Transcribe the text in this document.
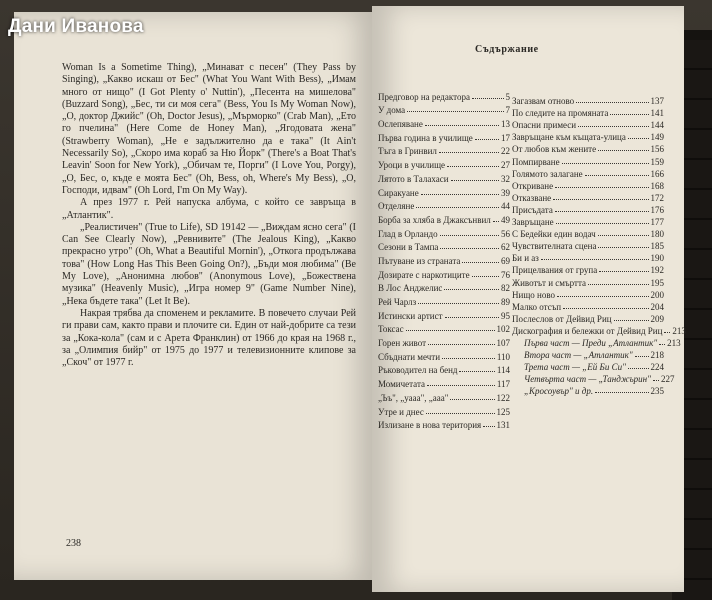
Woman Is a Sometime Thing), „Минават с песен" (They Pass by Singing), „Какво искаш от Бес" (What You Want With Bess), „Имам много от нищо" (I Got Plenty o' Nuttin'), „Песента на мишелова" (Buzzard Song), „Бес, ти си моя сега" (Bess, You Is My Woman Now), „О, доктор Джийс" (Oh, Doctor Jesus), „Мърморко" (Crab Man), „Ето го пчелина" (Here Come de Honey Man), „Ягодовата жена" (Strawberry Woman), „Не е задължително да е така" (It Ain't Necessarily So), „Скоро има кораб за Ню Йорк" (There's a Boat That's Leavin' Soon for New York), „Обичам те, Порги" (I Love You, Porgy), „О, Бес, о, къде е моята Бес" (Oh, Bess, oh, Where's My Bess), „О, Господи, идвам" (Oh Lord, I'm On My Way).

А през 1977 г. Рей напуска албума, с който се завръща в „Атлантик".

„Реалистичен" (True to Life), SD 19142 — „Виждам ясно сега" (I Can See Clearly Now), „Ревнивите" (The Jealous King), „Какво прекрасно утро" (Oh, What a Beautiful Mornin'), „Откога продължава това" (How Long Has This Been Going On?), „Бъди моя любима" (Be My Love), „Анонимна любов" (Anonymous Love), „Божествена музика" (Heavenly Music), „Игра номер 9" (Game Number Nine), „Нека бъдете така" (Let It Be).

Накрая трябва да споменем и рекламите. В повечето случаи Рей ги прави сам, както прави и плочите си. Един от най-добрите са тези за „Кока-кола" (сам и с Арета Франклин) от 1966 до края на 1968 г., за „Олимпия бийр" от 1975 до 1977 и телевизионните клипове за „Скоч" от 1977 г.

238
Съдържание
Предговор на редактора	5
У дома	7
Ослепяване	13
Първа година в училище	17
Тъга в Гринвил	22
Уроци в училище	27
Лятото в Талахаси	32
Сиракуане	39
Отделяне	44
Борба за хляба в Джаксънвил 49
Глад в Орландо	56
Сезони в Тампа	62
Пътуване из страната	69
Дозирате с наркотиците	76
В Лос Анджелис	82
Рей Чарлз	89
Истински артист	95
Токсас	102
Горен живот	107
Сбъднати мечти	110
Ръководител на бенд	114
Момичетата	117
„Ъъ", „уааа", „ааа"	122
Утре и днес	125
Излизане в нова територия 131
Загазвам отново	137
По следите на промяната	141
Опасни примеси	144
Завръщане към къщата-улица	149
От любов към жените	156
Помпирване	159
Голямото залагане	166
Откриване	168
Отказване	172
Присъдата	176
Завръщане	177
С Бедейки един водач	180
Чувствителната сцена	185
Би и аз	190
Прицелвания от група	192
Животът и смъртта	195
Нищо ново	200
Малко отсъп	204
Послеслов от Дейвид Риц	209
Дискография и бележки от Дейвид Риц 213
Първа част — Преди „Атлантик" 213
Втора част — „Атлантик" 218
Трета част — „Ей Би Си"	224
Четвърта част — „Танджърин" 227
„Кросоувър" и др.	235
Дани Иванова
